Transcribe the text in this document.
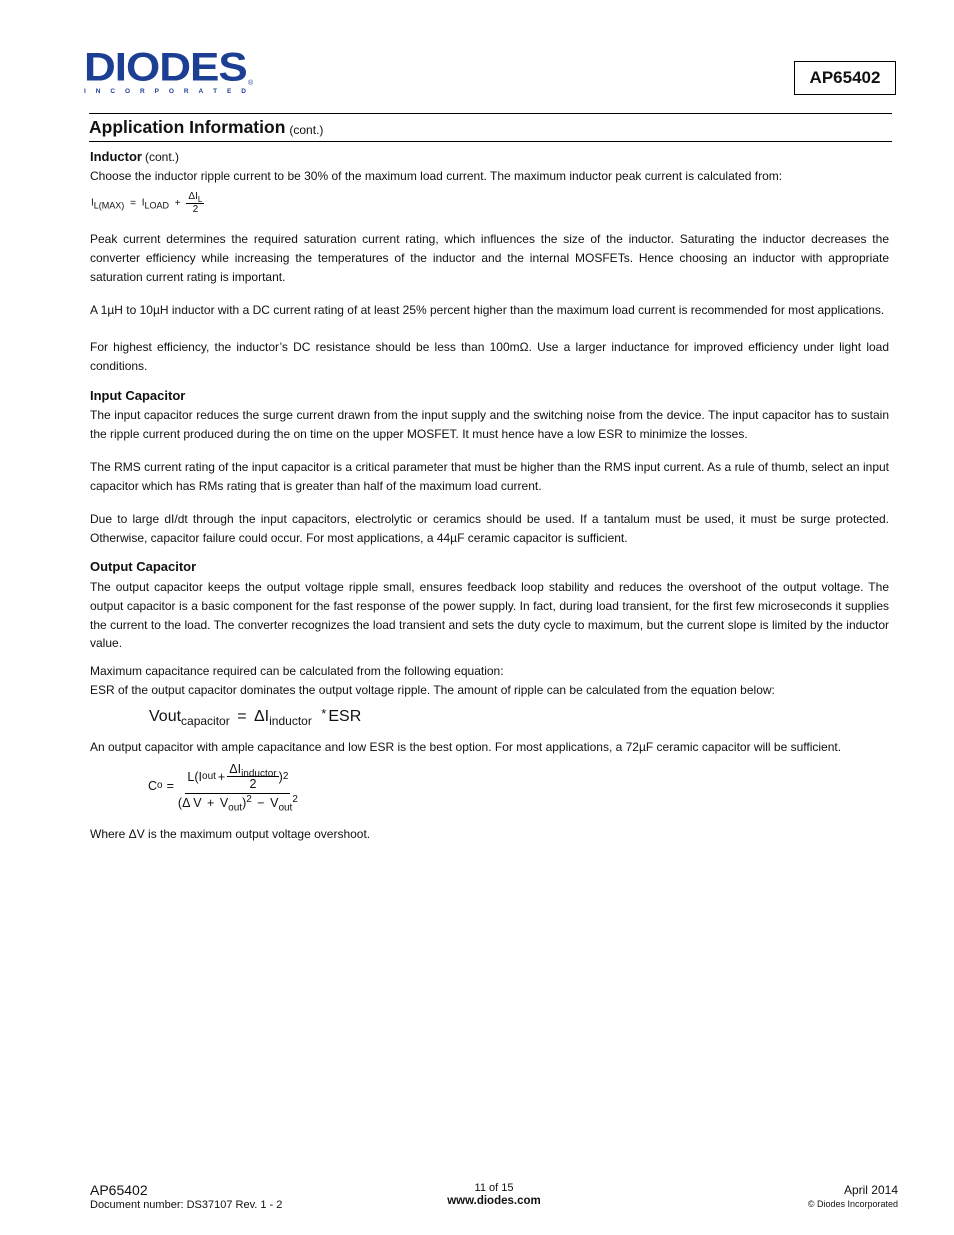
DIODES ®
I N C O R P O R A T E D
AP65402
Application Information (cont.)
Inductor (cont.)
Choose the inductor ripple current to be 30% of the maximum load current. The maximum inductor peak current is calculated from:
$I_{L(MAX)} = I_{LOAD} + \frac{\Delta I_L}{2}$
Peak current determines the required saturation current rating, which influences the size of the inductor. Saturating the inductor decreases the converter efficiency while increasing the temperatures of the inductor and the internal MOSFETs. Hence choosing an inductor with appropriate saturation current rating is important.
A 1µH to 10µH inductor with a DC current rating of at least 25% percent higher than the maximum load current is recommended for most applications.
For highest efficiency, the inductor’s DC resistance should be less than 100mΩ. Use a larger inductance for improved efficiency under light load conditions.
Input Capacitor
The input capacitor reduces the surge current drawn from the input supply and the switching noise from the device. The input capacitor has to sustain the ripple current produced during the on time on the upper MOSFET. It must hence have a low ESR to minimize the losses.
The RMS current rating of the input capacitor is a critical parameter that must be higher than the RMS input current. As a rule of thumb, select an input capacitor which has RMs rating that is greater than half of the maximum load current.
Due to large dI/dt through the input capacitors, electrolytic or ceramics should be used. If a tantalum must be used, it must be surge protected. Otherwise, capacitor failure could occur. For most applications, a 44µF ceramic capacitor is sufficient.
Output Capacitor
The output capacitor keeps the output voltage ripple small, ensures feedback loop stability and reduces the overshoot of the output voltage. The output capacitor is a basic component for the fast response of the power supply. In fact, during load transient, for the first few microseconds it supplies the current to the load. The converter recognizes the load transient and sets the duty cycle to maximum, but the current slope is limited by the inductor value.
Maximum capacitance required can be calculated from the following equation:
ESR of the output capacitor dominates the output voltage ripple. The amount of ripple can be calculated from the equation below:
Vout$_{capacitor}$ = $\Delta I_{inductor}$ * ESR
An output capacitor with ample capacitance and low ESR is the best option. For most applications, a 72µF ceramic capacitor will be sufficient.
C o =
L(I out + $\frac{\Delta I_{inductor}}{2}$ ) 2
(Δ $V + V_{out})^2 - V_{out}^2$
Where ΔV is the maximum output voltage overshoot.
AP65402
Document number: DS37107 Rev. 1 - 2
11 of 15
www.diodes.com
April 2014
© Diodes Incorporated
